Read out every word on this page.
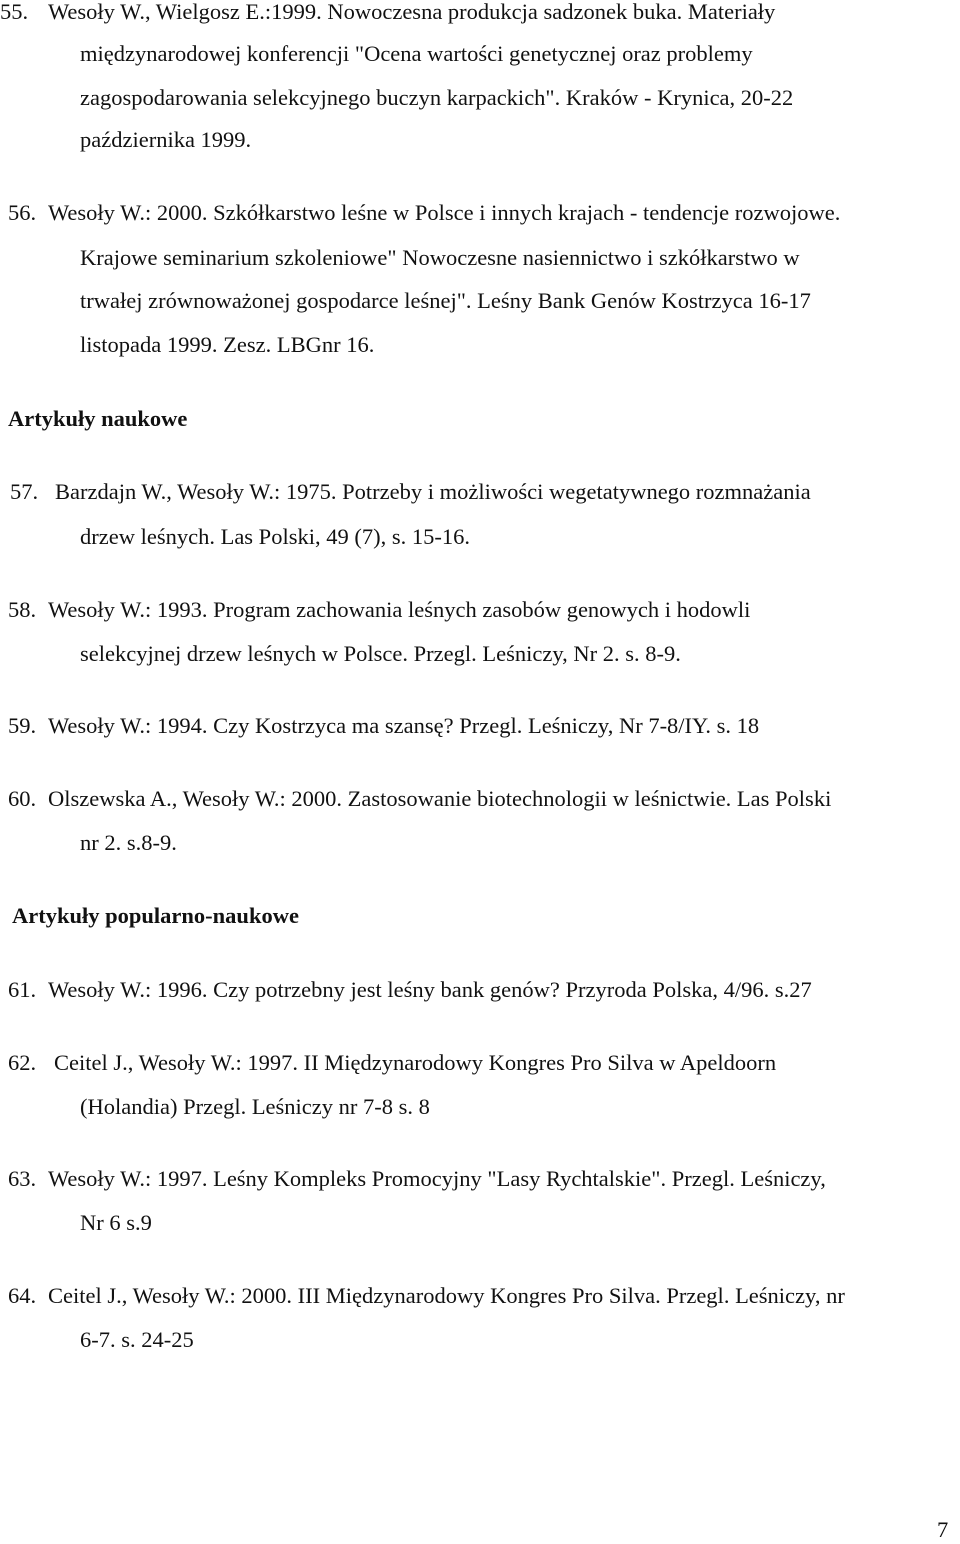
55. Wesoły W., Wielgosz E.:1999. Nowoczesna produkcja sadzonek buka. Materiały
międzynarodowej konferencji "Ocena wartości genetycznej oraz problemy
zagospodarowania selekcyjnego buczyn karpackich". Kraków - Krynica, 20-22
października 1999.
56. Wesoły W.: 2000. Szkółkarstwo leśne w Polsce i innych krajach - tendencje rozwojowe.
Krajowe seminarium szkoleniowe" Nowoczesne nasiennictwo i szkółkarstwo w
trwałej zrównoważonej gospodarce leśnej". Leśny Bank Genów Kostrzyca 16-17
listopada 1999. Zesz. LBGnr 16.
Artykuły naukowe
57. Barzdajn W., Wesoły W.: 1975. Potrzeby i możliwości wegetatywnego rozmnażania
drzew leśnych. Las Polski, 49 (7), s. 15-16.
58. Wesoły W.: 1993. Program zachowania leśnych zasobów genowych i hodowli
selekcyjnej drzew leśnych w Polsce. Przegl. Leśniczy, Nr 2. s. 8-9.
59. Wesoły W.: 1994. Czy Kostrzyca ma szansę? Przegl. Leśniczy, Nr 7-8/IY. s. 18
60. Olszewska A., Wesoły W.: 2000. Zastosowanie biotechnologii w leśnictwie. Las Polski
nr 2. s.8-9.
Artykuły popularno-naukowe
61. Wesoły W.: 1996. Czy potrzebny jest leśny bank genów? Przyroda Polska, 4/96. s.27
62. Ceitel J., Wesoły W.: 1997. II Międzynarodowy Kongres Pro Silva w Apeldoorn
(Holandia) Przegl. Leśniczy nr 7-8 s. 8
63. Wesoły W.: 1997. Leśny Kompleks Promocyjny "Lasy Rychtalskie". Przegl. Leśniczy,
Nr 6 s.9
64. Ceitel J., Wesoły W.: 2000. III Międzynarodowy Kongres Pro Silva. Przegl. Leśniczy, nr
6-7. s. 24-25
7
